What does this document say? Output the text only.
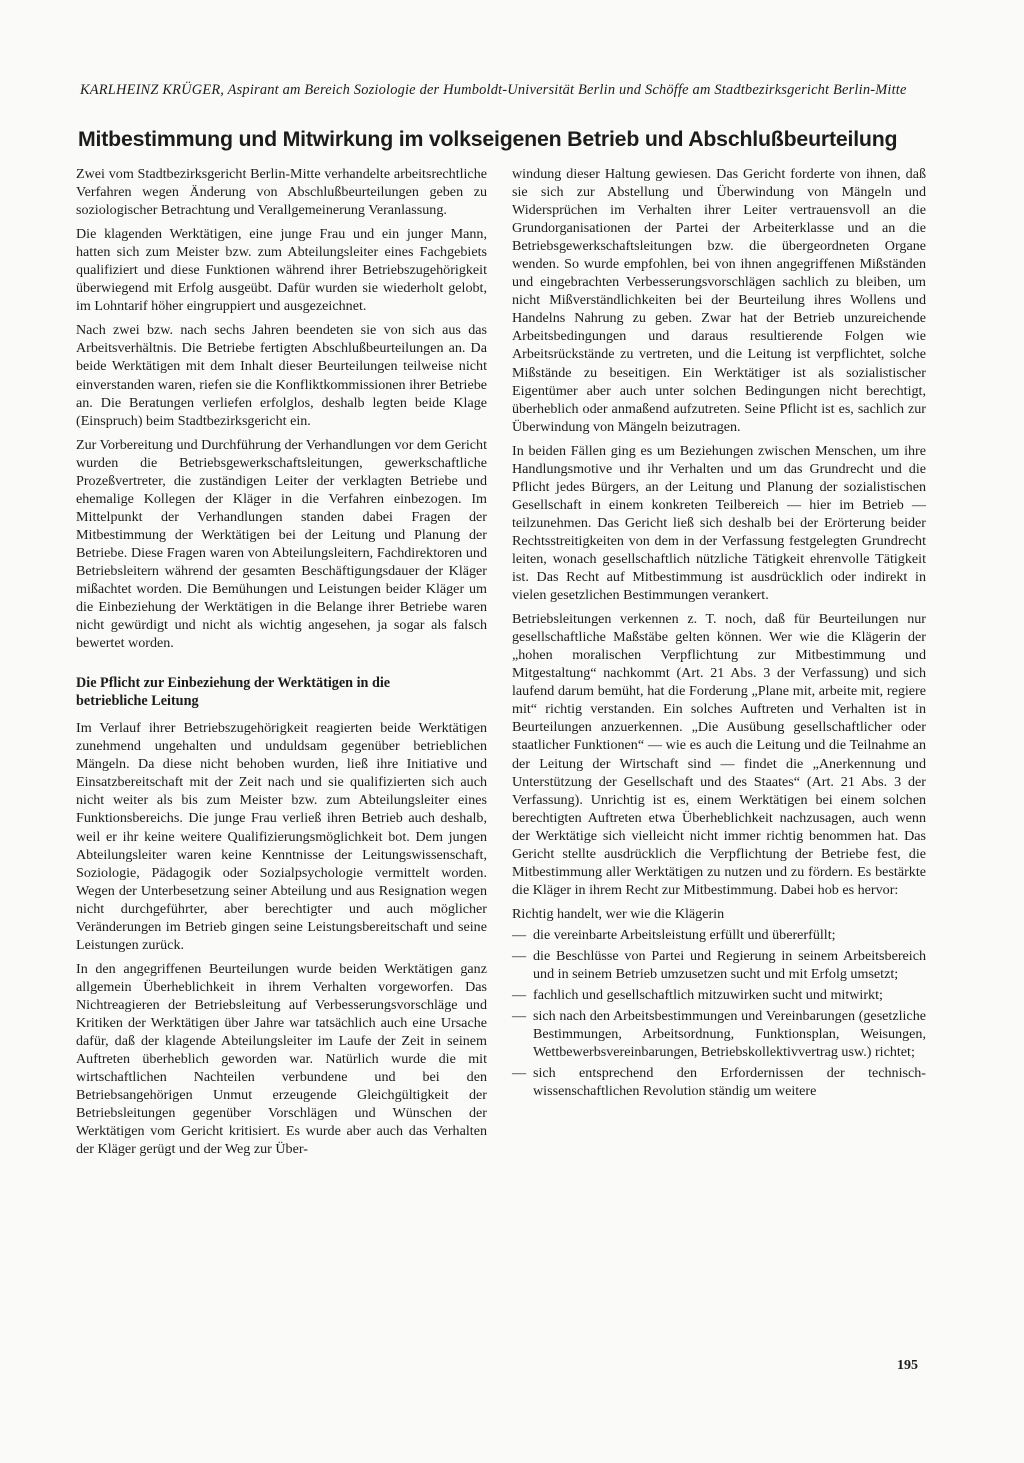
KARLHEINZ KRÜGER, Aspirant am Bereich Soziologie der Humboldt-Universität Berlin und Schöffe am Stadtbezirksgericht Berlin-Mitte
Mitbestimmung und Mitwirkung im volkseigenen Betrieb und Abschlußbeurteilung

Zwei vom Stadtbezirksgericht Berlin-Mitte verhandelte arbeitsrechtliche Verfahren wegen Änderung von Abschlußbeurteilungen geben zu soziologischer Betrachtung und Verallgemeinerung Veranlassung.

Die klagenden Werktätigen, eine junge Frau und ein junger Mann, hatten sich zum Meister bzw. zum Abteilungsleiter eines Fachgebiets qualifiziert und diese Funktionen während ihrer Betriebszugehörigkeit überwiegend mit Erfolg ausgeübt. Dafür wurden sie wiederholt gelobt, im Lohntarif höher eingruppiert und ausgezeichnet.

Nach zwei bzw. nach sechs Jahren beendeten sie von sich aus das Arbeitsverhältnis. Die Betriebe fertigten Abschlußbeurteilungen an. Da beide Werktätigen mit dem Inhalt dieser Beurteilungen teilweise nicht einverstanden waren, riefen sie die Konfliktkommissionen ihrer Betriebe an. Die Beratungen verliefen erfolglos, deshalb legten beide Klage (Einspruch) beim Stadtbezirksgericht ein.

Zur Vorbereitung und Durchführung der Verhandlungen vor dem Gericht wurden die Betriebsgewerkschaftsleitungen, gewerkschaftliche Prozeßvertreter, die zuständigen Leiter der verklagten Betriebe und ehemalige Kollegen der Kläger in die Verfahren einbezogen. Im Mittelpunkt der Verhandlungen standen dabei Fragen der Mitbestimmung der Werktätigen bei der Leitung und Planung der Betriebe. Diese Fragen waren von Abteilungsleitern, Fachdirektoren und Betriebsleitern während der gesamten Beschäftigungsdauer der Kläger mißachtet worden. Die Bemühungen und Leistungen beider Kläger um die Einbeziehung der Werktätigen in die Belange ihrer Betriebe waren nicht gewürdigt und nicht als wichtig angesehen, ja sogar als falsch bewertet worden.

Die Pflicht zur Einbeziehung der Werktätigen in die betriebliche Leitung

Im Verlauf ihrer Betriebszugehörigkeit reagierten beide Werktätigen zunehmend ungehalten und unduldsam gegenüber betrieblichen Mängeln. Da diese nicht behoben wurden, ließ ihre Initiative und Einsatzbereitschaft mit der Zeit nach und sie qualifizierten sich auch nicht weiter als bis zum Meister bzw. zum Abteilungsleiter eines Funktionsbereichs. Die junge Frau verließ ihren Betrieb auch deshalb, weil er ihr keine weitere Qualifizierungsmöglichkeit bot. Dem jungen Abteilungsleiter waren keine Kenntnisse der Leitungswissenschaft, Soziologie, Pädagogik oder Sozialpsychologie vermittelt worden. Wegen der Unterbesetzung seiner Abteilung und aus Resignation wegen nicht durchgeführter, aber berechtigter und auch möglicher Veränderungen im Betrieb gingen seine Leistungsbereitschaft und seine Leistungen zurück.

In den angegriffenen Beurteilungen wurde beiden Werktätigen ganz allgemein Überheblichkeit in ihrem Verhalten vorgeworfen. Das Nichtreagieren der Betriebsleitung auf Verbesserungsvorschläge und Kritiken der Werktätigen über Jahre war tatsächlich auch eine Ursache dafür, daß der klagende Abteilungsleiter im Laufe der Zeit in seinem Auftreten überheblich geworden war. Natürlich wurde die mit wirtschaftlichen Nachteilen verbundene und bei den Betriebsangehörigen Unmut erzeugende Gleichgültigkeit der Betriebsleitungen gegenüber Vorschlägen und Wünschen der Werktätigen vom Gericht kritisiert. Es wurde aber auch das Verhalten der Kläger gerügt und der Weg zur Über-

windung dieser Haltung gewiesen. Das Gericht forderte von ihnen, daß sie sich zur Abstellung und Überwindung von Mängeln und Widersprüchen im Verhalten ihrer Leiter vertrauensvoll an die Grundorganisationen der Partei der Arbeiterklasse und an die Betriebsgewerkschaftsleitungen bzw. die übergeordneten Organe wenden. So wurde empfohlen, bei von ihnen angegriffenen Mißständen und eingebrachten Verbesserungsvorschlägen sachlich zu bleiben, um nicht Mißverständlichkeiten bei der Beurteilung ihres Wollens und Handelns Nahrung zu geben. Zwar hat der Betrieb unzureichende Arbeitsbedingungen und daraus resultierende Folgen wie Arbeitsrückstände zu vertreten, und die Leitung ist verpflichtet, solche Mißstände zu beseitigen. Ein Werktätiger ist als sozialistischer Eigentümer aber auch unter solchen Bedingungen nicht berechtigt, überheblich oder anmaßend aufzutreten. Seine Pflicht ist es, sachlich zur Überwindung von Mängeln beizutragen.

In beiden Fällen ging es um Beziehungen zwischen Menschen, um ihre Handlungsmotive und ihr Verhalten und um das Grundrecht und die Pflicht jedes Bürgers, an der Leitung und Planung der sozialistischen Gesellschaft in einem konkreten Teilbereich — hier im Betrieb — teilzunehmen. Das Gericht ließ sich deshalb bei der Erörterung beider Rechtsstreitigkeiten von dem in der Verfassung festgelegten Grundrecht leiten, wonach gesellschaftlich nützliche Tätigkeit ehrenvolle Tätigkeit ist. Das Recht auf Mitbestimmung ist ausdrücklich oder indirekt in vielen gesetzlichen Bestimmungen verankert.

Betriebsleitungen verkennen z. T. noch, daß für Beurteilungen nur gesellschaftliche Maßstäbe gelten können. Wer wie die Klägerin der „hohen moralischen Verpflichtung zur Mitbestimmung und Mitgestaltung“ nachkommt (Art. 21 Abs. 3 der Verfassung) und sich laufend darum bemüht, hat die Forderung „Plane mit, arbeite mit, regiere mit“ richtig verstanden. Ein solches Auftreten und Verhalten ist in Beurteilungen anzuerkennen. „Die Ausübung gesellschaftlicher oder staatlicher Funktionen“ — wie es auch die Leitung und die Teilnahme an der Leitung der Wirtschaft sind — findet die „Anerkennung und Unterstützung der Gesellschaft und des Staates“ (Art. 21 Abs. 3 der Verfassung). Unrichtig ist es, einem Werktätigen bei einem solchen berechtigten Auftreten etwa Überheblichkeit nachzusagen, auch wenn der Werktätige sich vielleicht nicht immer richtig benommen hat. Das Gericht stellte ausdrücklich die Verpflichtung der Betriebe fest, die Mitbestimmung aller Werktätigen zu nutzen und zu fördern. Es bestärkte die Kläger in ihrem Recht zur Mitbestimmung. Dabei hob es hervor:

Richtig handelt, wer wie die Klägerin

— die vereinbarte Arbeitsleistung erfüllt und übererfüllt;
— die Beschlüsse von Partei und Regierung in seinem Arbeitsbereich und in seinem Betrieb umzusetzen sucht und mit Erfolg umsetzt;
— fachlich und gesellschaftlich mitzuwirken sucht und mitwirkt;
— sich nach den Arbeitsbestimmungen und Vereinbarungen (gesetzliche Bestimmungen, Arbeitsordnung, Funktionsplan, Weisungen, Wettbewerbsvereinbarungen, Betriebskollektivvertrag usw.) richtet;
— sich entsprechend den Erfordernissen der technisch-wissenschaftlichen Revolution ständig um weitere
195
